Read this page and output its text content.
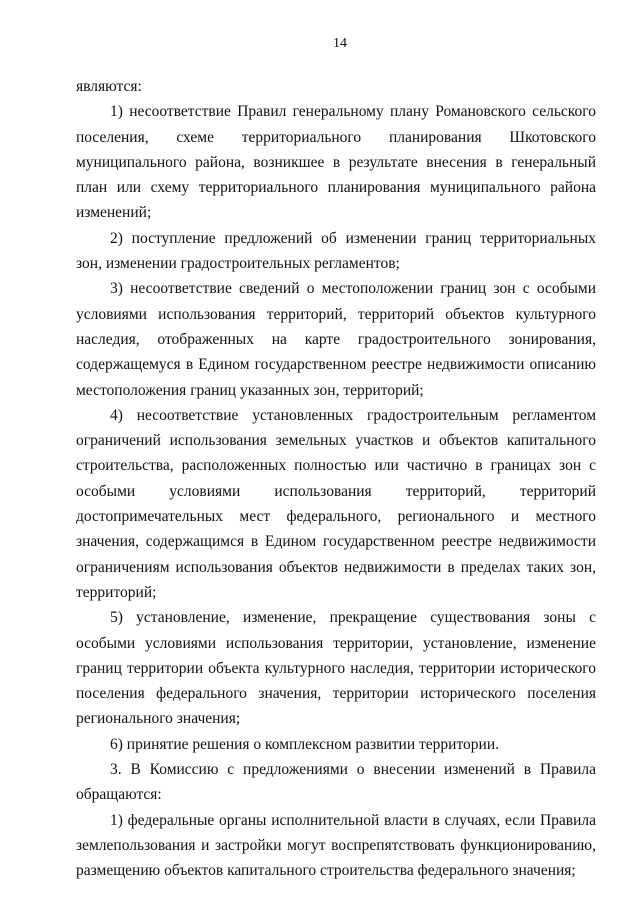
14

являются:

1) несоответствие Правил генеральному плану Романовского сельского поселения, схеме территориального планирования Шкотовского муниципального района, возникшее в результате внесения в генеральный план или схему территориального планирования муниципального района изменений;

2) поступление предложений об изменении границ территориальных зон, изменении градостроительных регламентов;

3) несоответствие сведений о местоположении границ зон с особыми условиями использования территорий, территорий объектов культурного наследия, отображенных на карте градостроительного зонирования, содержащемуся в Едином государственном реестре недвижимости описанию местоположения границ указанных зон, территорий;

4) несоответствие установленных градостроительным регламентом ограничений использования земельных участков и объектов капитального строительства, расположенных полностью или частично в границах зон с особыми условиями использования территорий, территорий достопримечательных мест федерального, регионального и местного значения, содержащимся в Едином государственном реестре недвижимости ограничениям использования объектов недвижимости в пределах таких зон, территорий;

5) установление, изменение, прекращение существования зоны с особыми условиями использования территории, установление, изменение границ территории объекта культурного наследия, территории исторического поселения федерального значения, территории исторического поселения регионального значения;

6) принятие решения о комплексном развитии территории.

3. В Комиссию с предложениями о внесении изменений в Правила обращаются:

1) федеральные органы исполнительной власти в случаях, если Правила землепользования и застройки могут воспрепятствовать функционированию, размещению объектов капитального строительства федерального значения;
